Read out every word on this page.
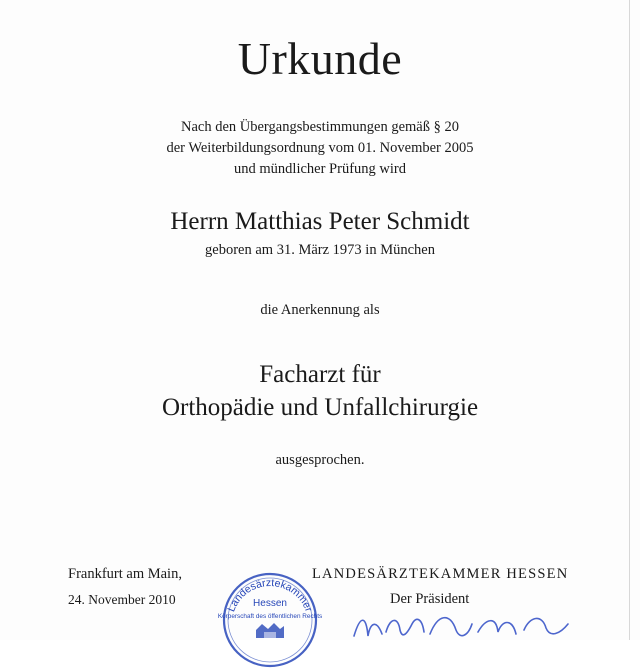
Urkunde
Nach den Übergangsbestimmungen gemäß § 20
der Weiterbildungsordnung vom 01. November 2005
und mündlicher Prüfung wird
Herrn Matthias Peter Schmidt
geboren am 31. März 1973 in München
die Anerkennung als
Facharzt für
Orthopädie und Unfallchirurgie
ausgesprochen.
Frankfurt am Main,
24. November 2010
LANDESÄRZTEKAMMER HESSEN
Der Präsident
Landesärztekammer
Hessen
Körperschaft des öffentlichen Rechts
